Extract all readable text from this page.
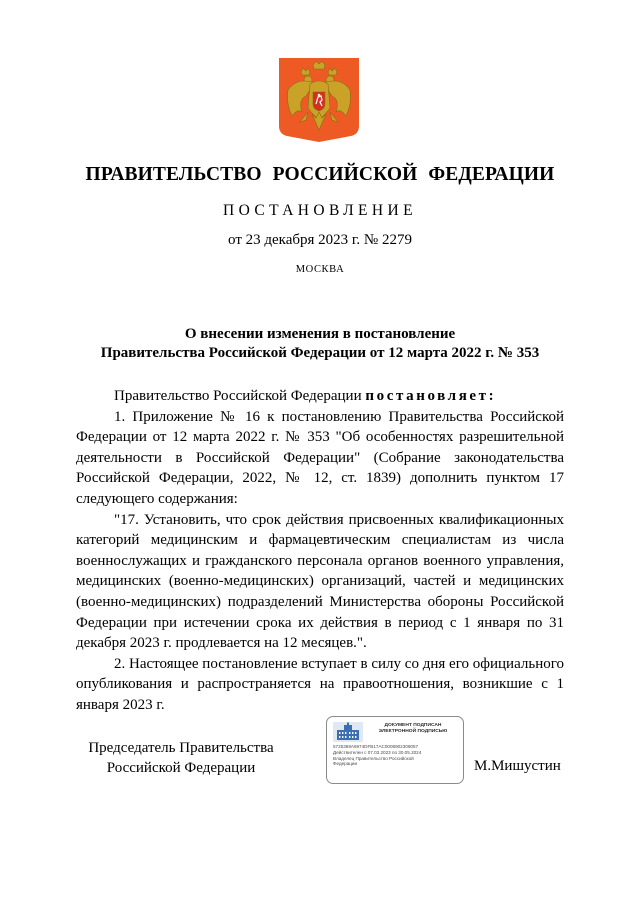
ПРАВИТЕЛЬСТВО РОССИЙСКОЙ ФЕДЕРАЦИИ
ПОСТАНОВЛЕНИЕ
от 23 декабря 2023 г. № 2279
МОСКВА
О внесении изменения в постановление
Правительства Российской Федерации от 12 марта 2022 г. № 353

Правительство Российской Федерации постановляет:

1. Приложение № 16 к постановлению Правительства Российской Федерации от 12 марта 2022 г. № 353 "Об особенностях разрешительной деятельности в Российской Федерации" (Собрание законодательства Российской Федерации, 2022, № 12, ст. 1839) дополнить пунктом 17 следующего содержания:

"17. Установить, что срок действия присвоенных квалификационных категорий медицинским и фармацевтическим специалистам из числа военнослужащих и гражданского персонала органов военного управления, медицинских (военно-медицинских) организаций, частей и медицинских (военно-медицинских) подразделений Министерства обороны Российской Федерации при истечении срока их действия в период с 1 января по 31 декабря 2023 г. продлевается на 12 месяцев.".

2. Настоящее постановление вступает в силу со дня его официального опубликования и распространяется на правоотношения, возникшие с 1 января 2023 г.

Председатель Правительства
Российской Федерации
ДОКУМЕНТ ПОДПИСАН
ЭЛЕКТРОННОЙ ПОДПИСЬЮ
5725369A6974DFB17AC0008902309057
Действителен с 07.03.2023 по 30.05.2024
Владелец Правительство Российской
Федерации	М.Мишустин
